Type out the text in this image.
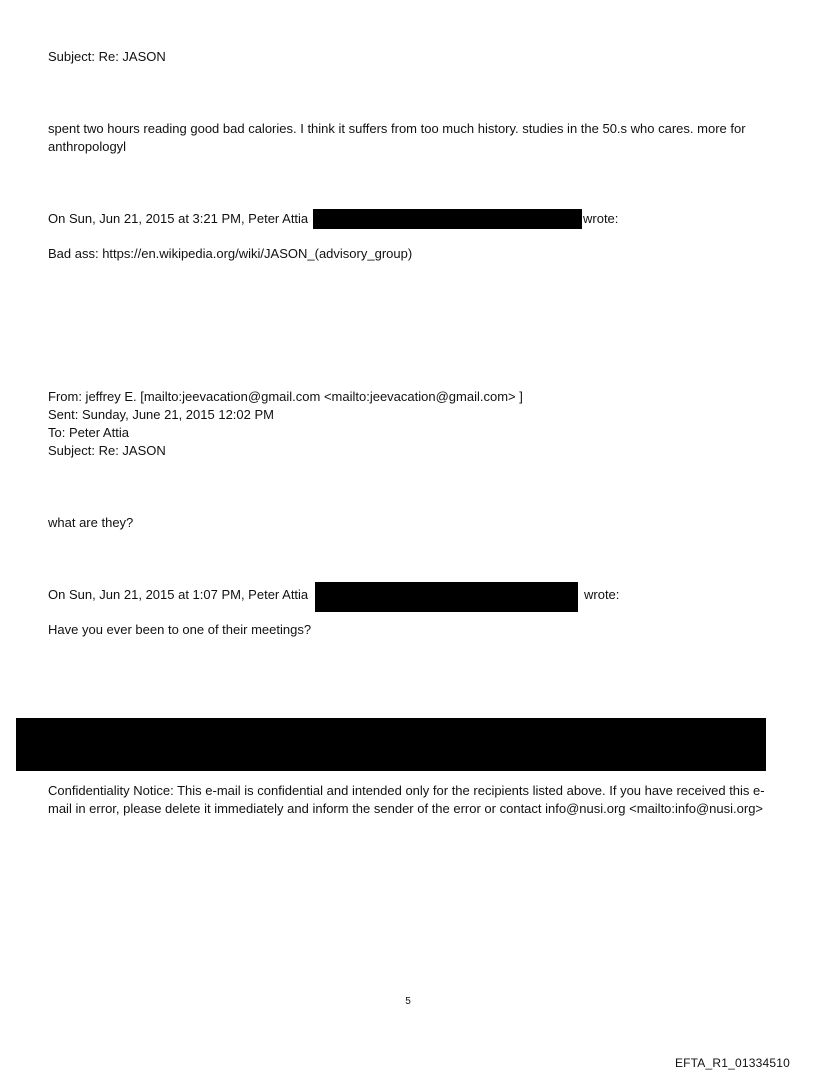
Subject: Re: JASON
spent two hours reading good bad calories. I think it suffers from too much history. studies in the 50.s who cares. more for anthropologyl
On Sun, Jun 21, 2015 at 3:21 PM, Peter Attia	wrote:
Bad ass: https://en.wikipedia.org/wiki/JASON_(advisory_group)
From: jeffrey E. [mailto:jeevacation@gmail.com <mailto:jeevacation@gmail.com> ]
Sent: Sunday, June 21, 2015 12:02 PM
To: Peter Attia
Subject: Re: JASON
what are they?
On Sun, Jun 21, 2015 at 1:07 PM, Peter Attia	wrote:
Have you ever been to one of their meetings?
Confidentiality Notice: This e-mail is confidential and intended only for the recipients listed above. If you have received this e-mail in error, please delete it immediately and inform the sender of the error or contact info@nusi.org <mailto:info@nusi.org>
5
EFTA_R1_01334510
